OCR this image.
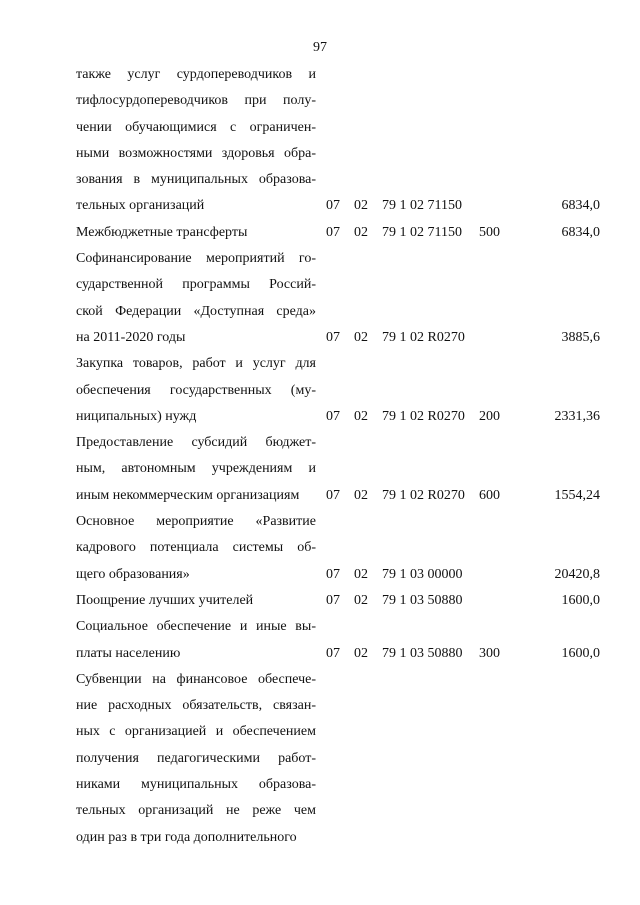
97
также услуг сурдопереводчиков и
тифлосурдопереводчиков при полу-
чении обучающимися с ограничен-
ными возможностями здоровья обра-
зования в муниципальных образова-
тельных организаций	07 02 79 1 02 71150	6834,0
Межбюджетные трансферты	07 02 79 1 02 71150 500	6834,0
Софинансирование мероприятий го-
сударственной программы Россий-
ской Федерации «Доступная среда»
на 2011-2020 годы	07 02 79 1 02 R0270	3885,6
Закупка товаров, работ и услуг для
обеспечения государственных (му-
ниципальных) нужд	07 02 79 1 02 R0270 200	2331,36
Предоставление субсидий бюджет-
ным, автономным учреждениям и
иным некоммерческим организациям	07 02 79 1 02 R0270 600	1554,24
Основное мероприятие «Развитие
кадрового потенциала системы об-
щего образования»	07 02 79 1 03 00000	20420,8
Поощрение лучших учителей	07 02 79 1 03 50880	1600,0
Социальное обеспечение и иные вы-
платы населению	07 02 79 1 03 50880 300	1600,0
Субвенции на финансовое обеспече-
ние расходных обязательств, связан-
ных с организацией и обеспечением
получения педагогическими работ-
никами муниципальных образова-
тельных организаций не реже чем
один раз в три года дополнительного
